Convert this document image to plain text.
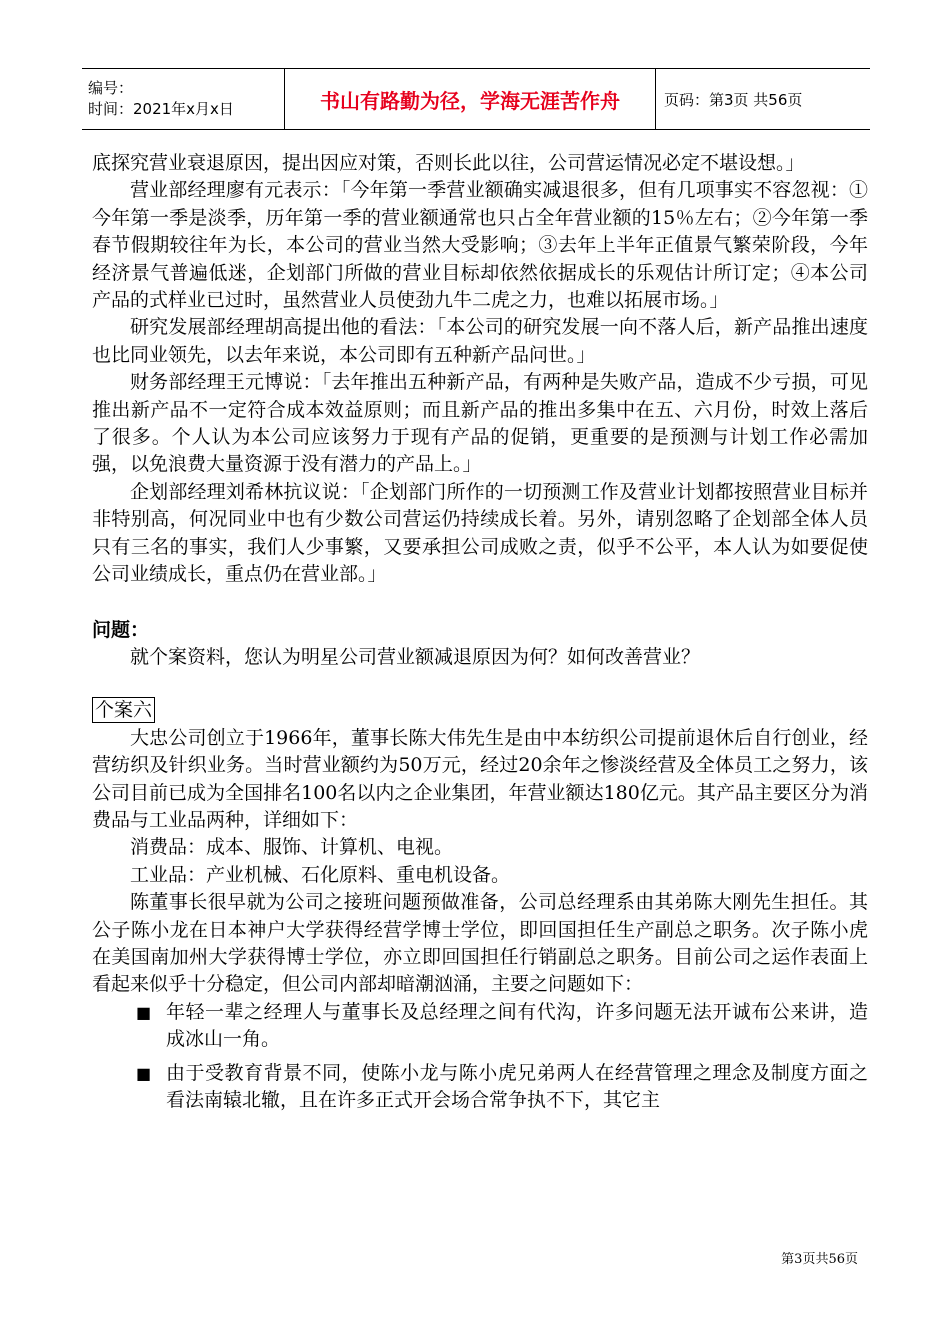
编号：
时间：2021年x月x日	书山有路勤为径，学海无涯苦作舟	页码：第3页 共56页

底探究营业衰退原因，提出因应对策，否则长此以往，公司营运情况必定不堪设想。」

营业部经理廖有元表示：「今年第一季营业额确实减退很多，但有几项事实不容忽视：①今年第一季是淡季，历年第一季的营业额通常也只占全年营业额的15％左右；②今年第一季春节假期较往年为长，本公司的营业当然大受影响；③去年上半年正值景气繁荣阶段，今年经济景气普遍低迷，企划部门所做的营业目标却依然依据成长的乐观估计所订定；④本公司产品的式样业已过时，虽然营业人员使劲九牛二虎之力，也难以拓展市场。」

研究发展部经理胡高提出他的看法：「本公司的研究发展一向不落人后，新产品推出速度也比同业领先，以去年来说，本公司即有五种新产品问世。」

财务部经理王元博说：「去年推出五种新产品，有两种是失败产品，造成不少亏损，可见推出新产品不一定符合成本效益原则；而且新产品的推出多集中在五、六月份，时效上落后了很多。个人认为本公司应该努力于现有产品的促销，更重要的是预测与计划工作必需加强，以免浪费大量资源于没有潜力的产品上。」

企划部经理刘希林抗议说：「企划部门所作的一切预测工作及营业计划都按照营业目标并非特别高，何况同业中也有少数公司营运仍持续成长着。另外，请别忽略了企划部全体人员只有三名的事实，我们人少事繁，又要承担公司成败之责，似乎不公平，本人认为如要促使公司业绩成长，重点仍在营业部。」

问题：

就个案资料，您认为明星公司营业额减退原因为何？如何改善营业？

个案六

大忠公司创立于1966年，董事长陈大伟先生是由中本纺织公司提前退休后自行创业，经营纺织及针织业务。当时营业额约为50万元，经过20余年之惨淡经营及全体员工之努力，该公司目前已成为全国排名100名以内之企业集团，年营业额达180亿元。其产品主要区分为消费品与工业品两种，详细如下：

消费品：成本、服饰、计算机、电视。

工业品：产业机械、石化原料、重电机设备。

陈董事长很早就为公司之接班问题预做准备，公司总经理系由其弟陈大刚先生担任。其公子陈小龙在日本神户大学获得经营学博士学位，即回国担任生产副总之职务。次子陈小虎在美国南加州大学获得博士学位，亦立即回国担任行销副总之职务。目前公司之运作表面上看起来似乎十分稳定，但公司内部却暗潮汹涌，主要之问题如下：

■ 年轻一辈之经理人与董事长及总经理之间有代沟，许多问题无法开诚布公来讲，造成冰山一角。
■ 由于受教育背景不同，使陈小龙与陈小虎兄弟两人在经营管理之理念及制度方面之看法南辕北辙，且在许多正式开会场合常争执不下，其它主
第3页共56页
